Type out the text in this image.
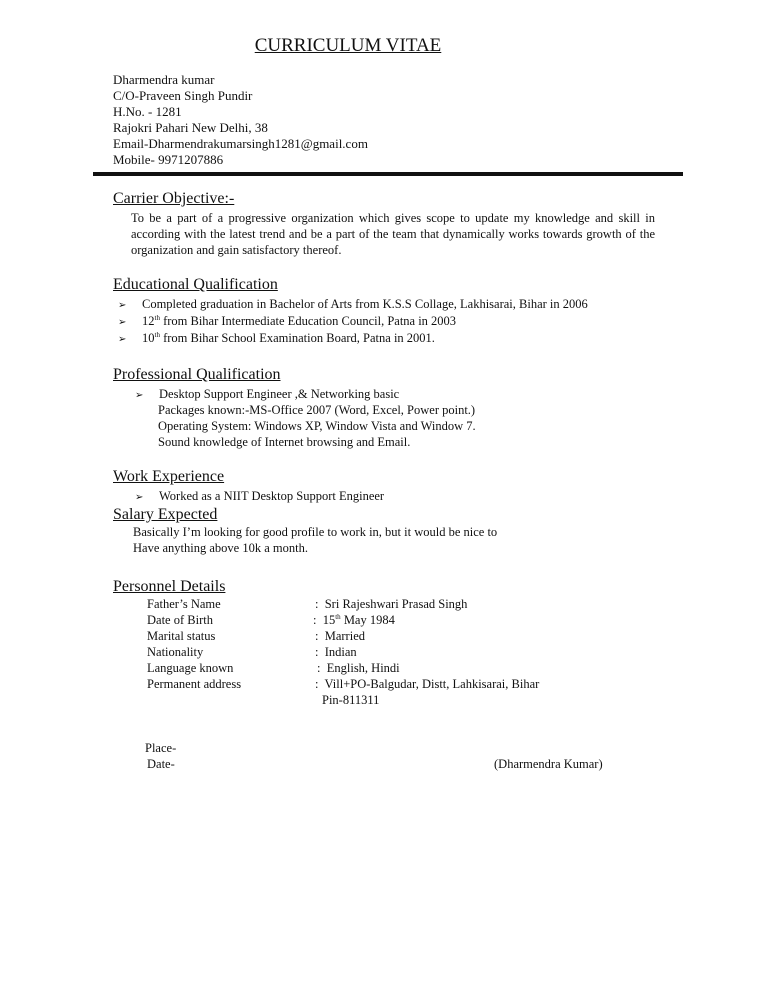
CURRICULUM VITAE
Dharmendra kumar
C/O-Praveen Singh Pundir
H.No. - 1281
Rajokri Pahari New Delhi, 38
Email-Dharmendrakumarsingh1281@gmail.com
Mobile- 9971207886
Carrier Objective:-
To be a part of a progressive organization which gives scope to update my knowledge and skill in according with the latest trend and be a part of the team that dynamically works towards growth of the organization and gain satisfactory thereof.
Educational Qualification
➢ Completed graduation in Bachelor of Arts from K.S.S Collage, Lakhisarai, Bihar in 2006
➢ 12th from Bihar Intermediate Education Council, Patna in 2003
➢ 10th from Bihar School Examination Board, Patna in 2001.
Professional Qualification
➢ Desktop Support Engineer ,& Networking basic
Packages known:-MS-Office 2007 (Word, Excel, Power point.)
Operating System: Windows XP, Window Vista and Window 7.
Sound knowledge of Internet browsing and Email.
Work Experience
➢ Worked as a NIIT Desktop Support Engineer
Salary Expected
Basically I’m looking for good profile to work in, but it would be nice to
Have anything above 10k a month.
Personnel Details
Father’s Name	: Sri Rajeshwari Prasad Singh
Date of Birth	: 15th May 1984
Marital status	: Married
Nationality	: Indian
Language known	: English, Hindi
Permanent address	: Vill+PO-Balgudar, Distt, Lahkisarai, Bihar
Pin-811311
Place-
Date-	(Dharmendra Kumar)
